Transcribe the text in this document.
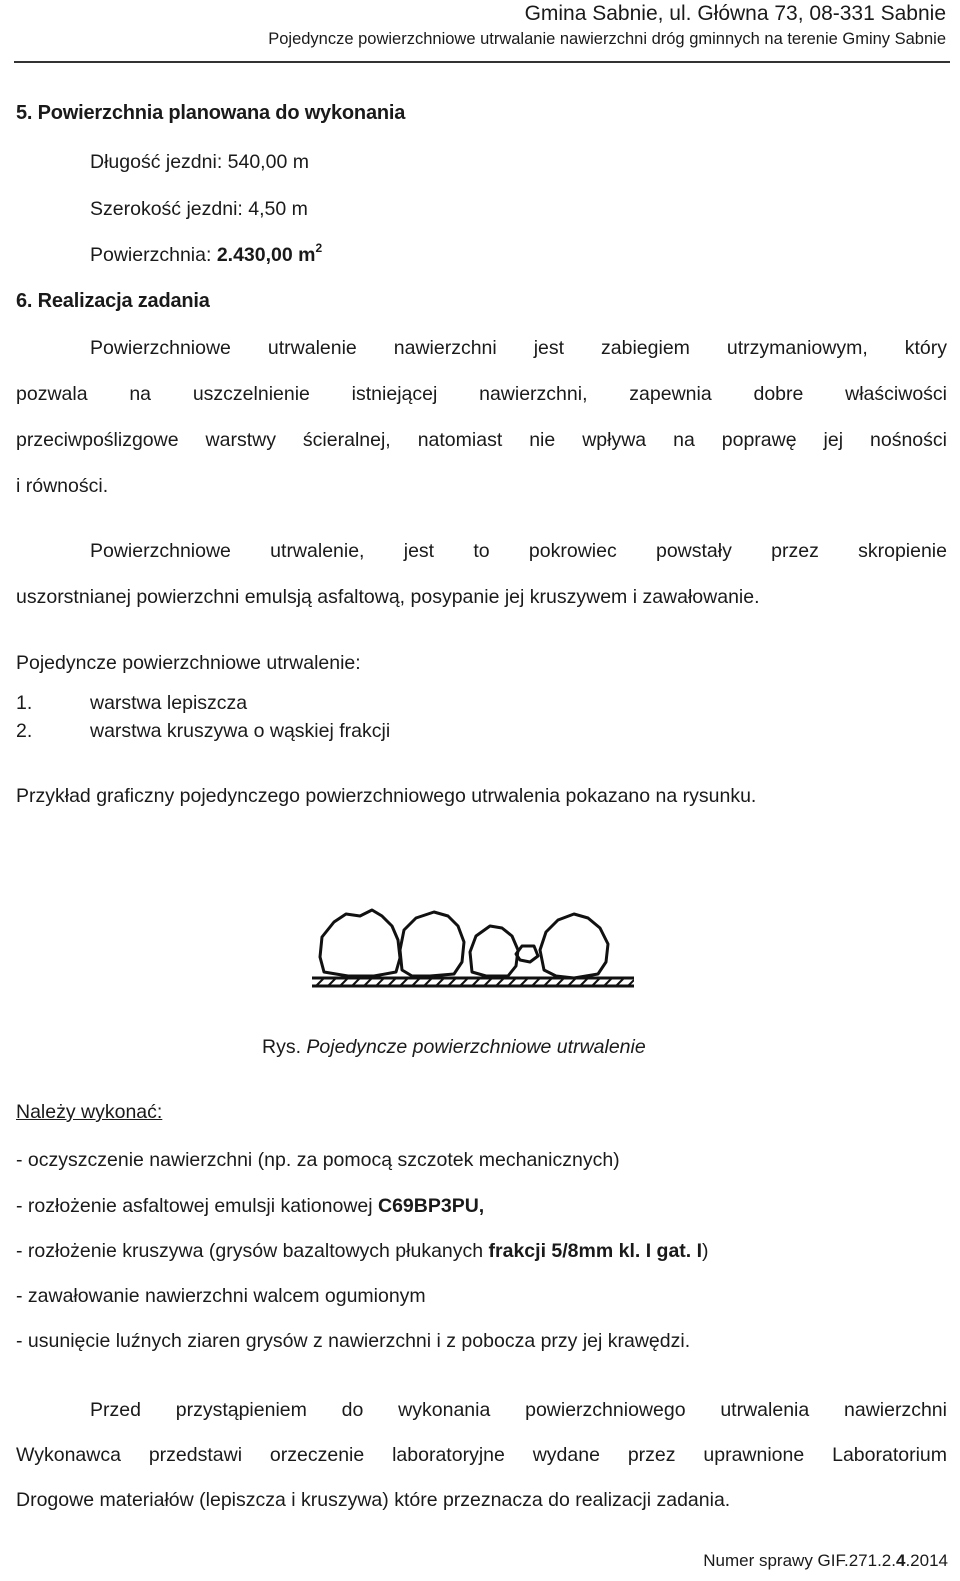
Gmina Sabnie, ul. Główna 73, 08-331 Sabnie
Pojedyncze powierzchniowe utrwalanie nawierzchni dróg gminnych na terenie Gminy Sabnie
5. Powierzchnia planowana do wykonania
Długość jezdni: 540,00 m
Szerokość jezdni: 4,50 m
Powierzchnia: 2.430,00 $m^2$
6. Realizacja zadania
Powierzchniowe utrwalenie nawierzchni jest zabiegiem utrzymaniowym, który
pozwala na uszczelnienie istniejącej nawierzchni, zapewnia dobre właściwości
przeciwpoślizgowe warstwy ścieralnej, natomiast nie wpływa na poprawę jej nośności
i równości.
Powierzchniowe utrwalenie, jest to pokrowiec powstały przez skropienie
uszorstnianej powierzchni emulsją asfaltową, posypanie jej kruszywem i zawałowanie.
Pojedyncze powierzchniowe utrwalenie:
1.	warstwa lepiszcza
2.	warstwa kruszywa o wąskiej frakcji
Przykład graficzny pojedynczego powierzchniowego utrwalenia pokazano na rysunku.
Rys. Pojedyncze powierzchniowe utrwalenie
Należy wykonać:
- oczyszczenie nawierzchni (np. za pomocą szczotek mechanicznych)
- rozłożenie asfaltowej emulsji kationowej C69BP3PU,
- rozłożenie kruszywa (grysów bazaltowych płukanych frakcji 5/8mm kl. I gat. I)
- zawałowanie nawierzchni walcem ogumionym
- usunięcie luźnych ziaren grysów z nawierzchni i z pobocza przy jej krawędzi.
Przed przystąpieniem do wykonania powierzchniowego utrwalenia nawierzchni
Wykonawca przedstawi orzeczenie laboratoryjne wydane przez uprawnione Laboratorium
Drogowe materiałów (lepiszcza i kruszywa) które przeznacza do realizacji zadania.
Numer sprawy GIF.271.2.4.2014
